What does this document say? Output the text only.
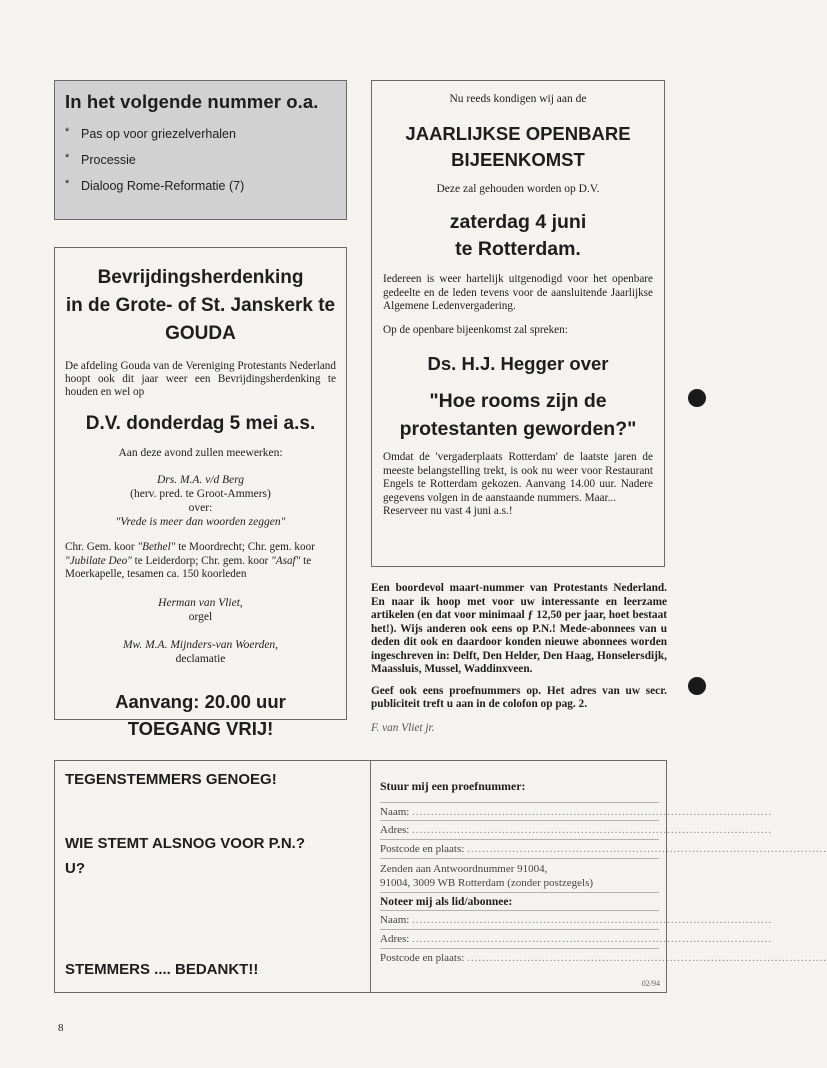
In het volgende nummer o.a.
* Pas op voor griezelverhalen
* Processie
* Dialoog Rome-Reformatie (7)
Bevrijdingsherdenking
in de Grote- of St. Janskerk te
GOUDA

De afdeling Gouda van de Vereniging Protestants Nederland hoopt ook dit jaar weer een Bevrijdingsherdenking te houden en wel op

D.V. donderdag 5 mei a.s.
Aan deze avond zullen meewerken:
Drs. M.A. v/d Berg
(herv. pred. te Groot-Ammers)
over:
"Vrede is meer dan woorden zeggen"

Chr. Gem. koor "Bethel" te Moordrecht; Chr. gem. koor "Jubilate Deo" te Leiderdorp; Chr. gem. koor "Asaf" te Moerkapelle, tesamen ca. 150 koorleden

Herman van Vliet,
orgel
Mw. M.A. Mijnders-van Woerden,
declamatie
Aanvang: 20.00 uur
TOEGANG VRIJ!
Nu reeds kondigen wij aan de
JAARLIJKSE OPENBARE
BIJEENKOMST
Deze zal gehouden worden op D.V.
zaterdag 4 juni
te Rotterdam.

Iedereen is weer hartelijk uitgenodigd voor het openbare gedeelte en de leden tevens voor de aansluitende Jaarlijkse Algemene Ledenvergadering.

Op de openbare bijeenkomst zal spreken:

Ds. H.J. Hegger over
"Hoe rooms zijn de
protestanten geworden?"

Omdat de 'vergaderplaats Rotterdam' de laatste jaren de meeste belangstelling trekt, is ook nu weer voor Restaurant Engels te Rotterdam gekozen. Aanvang 14.00 uur. Nadere gegevens volgen in de aanstaande nummers. Maar...

Reserveer nu vast 4 juni a.s.!

Een boordevol maart-nummer van Protestants Nederland. En naar ik hoop met voor uw interessante en leerzame artikelen (en dat voor minimaal ƒ 12,50 per jaar, hoet bestaat het!). Wijs anderen ook eens op P.N.! Mede-abonnees van u deden dit ook en daardoor konden nieuwe abonnees worden ingeschreven in: Delft, Den Helder, Den Haag, Honselersdijk, Maassluis, Mussel, Waddinxveen.

Geef ook eens proefnummers op. Het adres van uw secr. publiciteit treft u aan in de colofon op pag. 2.

F. van Vliet jr.

TEGENSTEMMERS GENOEG!
WIE STEMT ALSNOG VOOR P.N.?
U?
STEMMERS .... BEDANKT!!
Stuur mij een proefnummer:
Naam: ................................................................................................
Adres: ................................................................................................
Postcode en plaats: ................................................................................................
Zenden aan Antwoordnummer 91004,
91004, 3009 WB Rotterdam (zonder postzegels)
Noteer mij als lid/abonnee:
Naam: ................................................................................................
Adres: ................................................................................................
Postcode en plaats: ................................................................................................
02/94
8
